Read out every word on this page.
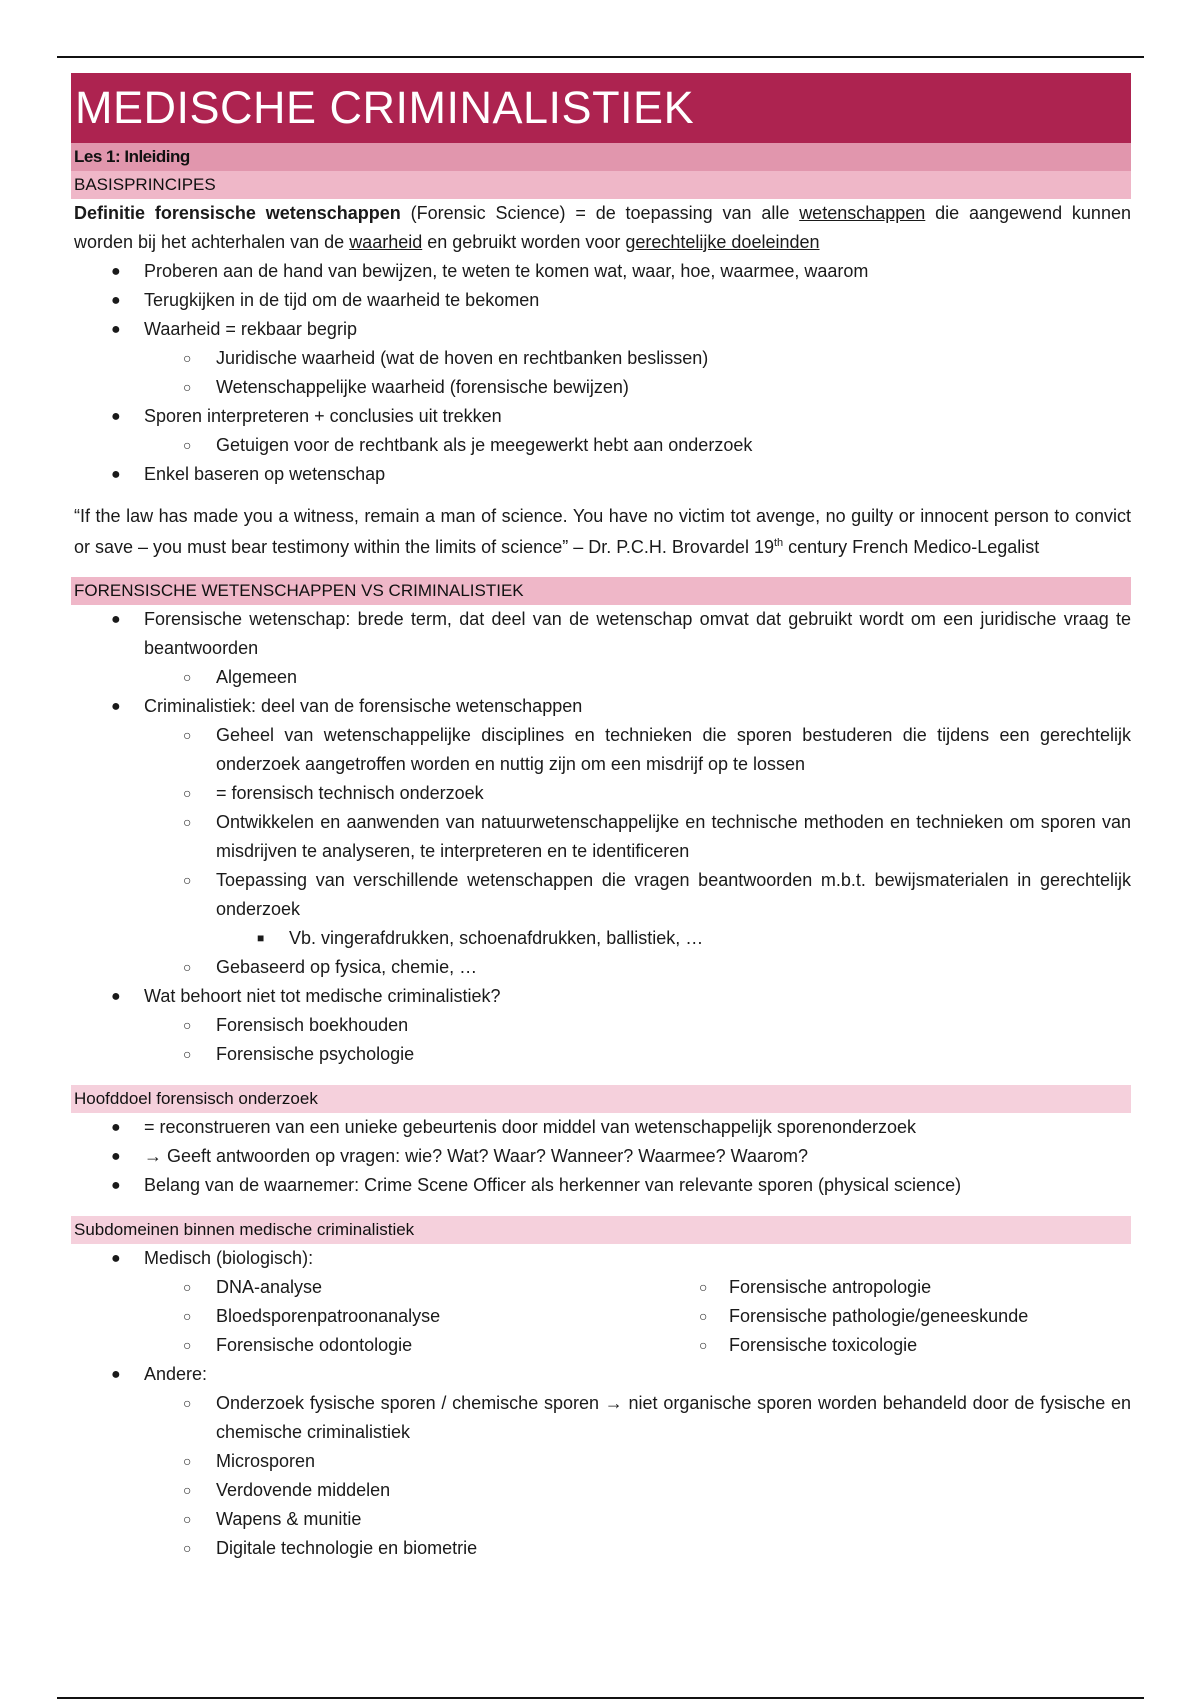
MEDISCHE CRIMINALISTIEK
Les 1: Inleiding
BASISPRINCIPES
Definitie forensische wetenschappen (Forensic Science) = de toepassing van alle wetenschappen die aangewend kunnen worden bij het achterhalen van de waarheid en gebruikt worden voor gerechtelijke doeleinden
● Proberen aan de hand van bewijzen, te weten te komen wat, waar, hoe, waarmee, waarom
● Terugkijken in de tijd om de waarheid te bekomen
● Waarheid = rekbaar begrip
○ Juridische waarheid (wat de hoven en rechtbanken beslissen)
○ Wetenschappelijke waarheid (forensische bewijzen)
● Sporen interpreteren + conclusies uit trekken
○ Getuigen voor de rechtbank als je meegewerkt hebt aan onderzoek
● Enkel baseren op wetenschap
“If the law has made you a witness, remain a man of science. You have no victim tot avenge, no guilty or innocent person to convict or save – you must bear testimony within the limits of science” – Dr. P.C.H. Brovardel 19th century French Medico-Legalist
FORENSISCHE WETENSCHAPPEN VS CRIMINALISTIEK
● Forensische wetenschap: brede term, dat deel van de wetenschap omvat dat gebruikt wordt om een juridische vraag te beantwoorden
○ Algemeen
● Criminalistiek: deel van de forensische wetenschappen
○ Geheel van wetenschappelijke disciplines en technieken die sporen bestuderen die tijdens een gerechtelijk onderzoek aangetroffen worden en nuttig zijn om een misdrijf op te lossen
○ = forensisch technisch onderzoek
○ Ontwikkelen en aanwenden van natuurwetenschappelijke en technische methoden en technieken om sporen van misdrijven te analyseren, te interpreteren en te identificeren
○ Toepassing van verschillende wetenschappen die vragen beantwoorden m.b.t. bewijsmaterialen in gerechtelijk onderzoek
■ Vb. vingerafdrukken, schoenafdrukken, ballistiek, …
○ Gebaseerd op fysica, chemie, …
● Wat behoort niet tot medische criminalistiek?
○ Forensisch boekhouden
○ Forensische psychologie
Hoofddoel forensisch onderzoek
● = reconstrueren van een unieke gebeurtenis door middel van wetenschappelijk sporenonderzoek
● → Geeft antwoorden op vragen: wie? Wat? Waar? Wanneer? Waarmee? Waarom?
● Belang van de waarnemer: Crime Scene Officer als herkenner van relevante sporen (physical science)
Subdomeinen binnen medische criminalistiek
● Medisch (biologisch):
○ DNA-analyse
○ Bloedsporenpatroonanalyse
○ Forensische odontologie
○ Forensische antropologie
○ Forensische pathologie/geneeskunde
○ Forensische toxicologie
● Andere:
○ Onderzoek fysische sporen / chemische sporen → niet organische sporen worden behandeld door de fysische en chemische criminalistiek
○ Microsporen
○ Verdovende middelen
○ Wapens & munitie
○ Digitale technologie en biometrie
